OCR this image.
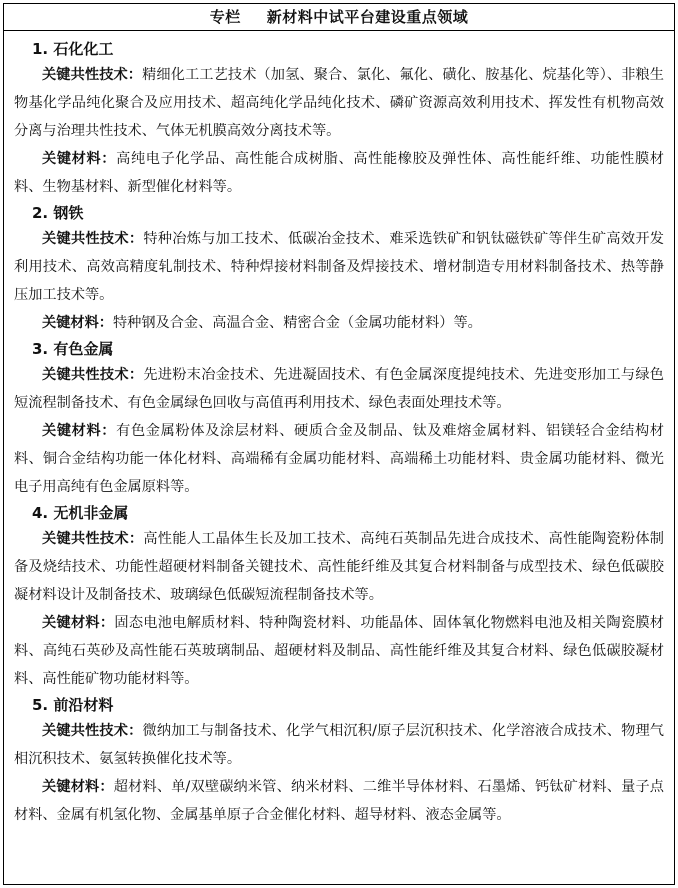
专栏 新材料中试平台建设重点领域
1. 石化化工

关键共性技术：精细化工工艺技术（加氢、聚合、氯化、氟化、磺化、胺基化、烷基化等）、非粮生物基化学品纯化聚合及应用技术、超高纯化学品纯化技术、磷矿资源高效利用技术、挥发性有机物高效分离与治理共性技术、气体无机膜高效分离技术等。

关键材料：高纯电子化学品、高性能合成树脂、高性能橡胶及弹性体、高性能纤维、功能性膜材料、生物基材料、新型催化材料等。

2. 钢铁

关键共性技术：特种冶炼与加工技术、低碳冶金技术、难采选铁矿和钒钛磁铁矿等伴生矿高效开发利用技术、高效高精度轧制技术、特种焊接材料制备及焊接技术、增材制造专用材料制备技术、热等静压加工技术等。

关键材料：特种钢及合金、高温合金、精密合金（金属功能材料）等。

3. 有色金属

关键共性技术：先进粉末冶金技术、先进凝固技术、有色金属深度提纯技术、先进变形加工与绿色短流程制备技术、有色金属绿色回收与高值再利用技术、绿色表面处理技术等。

关键材料：有色金属粉体及涂层材料、硬质合金及制品、钛及难熔金属材料、铝镁轻合金结构材料、铜合金结构功能一体化材料、高端稀有金属功能材料、高端稀土功能材料、贵金属功能材料、微光电子用高纯有色金属原料等。

4. 无机非金属

关键共性技术：高性能人工晶体生长及加工技术、高纯石英制品先进合成技术、高性能陶瓷粉体制备及烧结技术、功能性超硬材料制备关键技术、高性能纤维及其复合材料制备与成型技术、绿色低碳胶凝材料设计及制备技术、玻璃绿色低碳短流程制备技术等。

关键材料：固态电池电解质材料、特种陶瓷材料、功能晶体、固体氧化物燃料电池及相关陶瓷膜材料、高纯石英砂及高性能石英玻璃制品、超硬材料及制品、高性能纤维及其复合材料、绿色低碳胶凝材料、高性能矿物功能材料等。

5. 前沿材料

关键共性技术：微纳加工与制备技术、化学气相沉积/原子层沉积技术、化学溶液合成技术、物理气相沉积技术、氨氢转换催化技术等。

关键材料：超材料、单/双壁碳纳米管、纳米材料、二维半导体材料、石墨烯、钙钛矿材料、量子点材料、金属有机氢化物、金属基单原子合金催化材料、超导材料、液态金属等。
